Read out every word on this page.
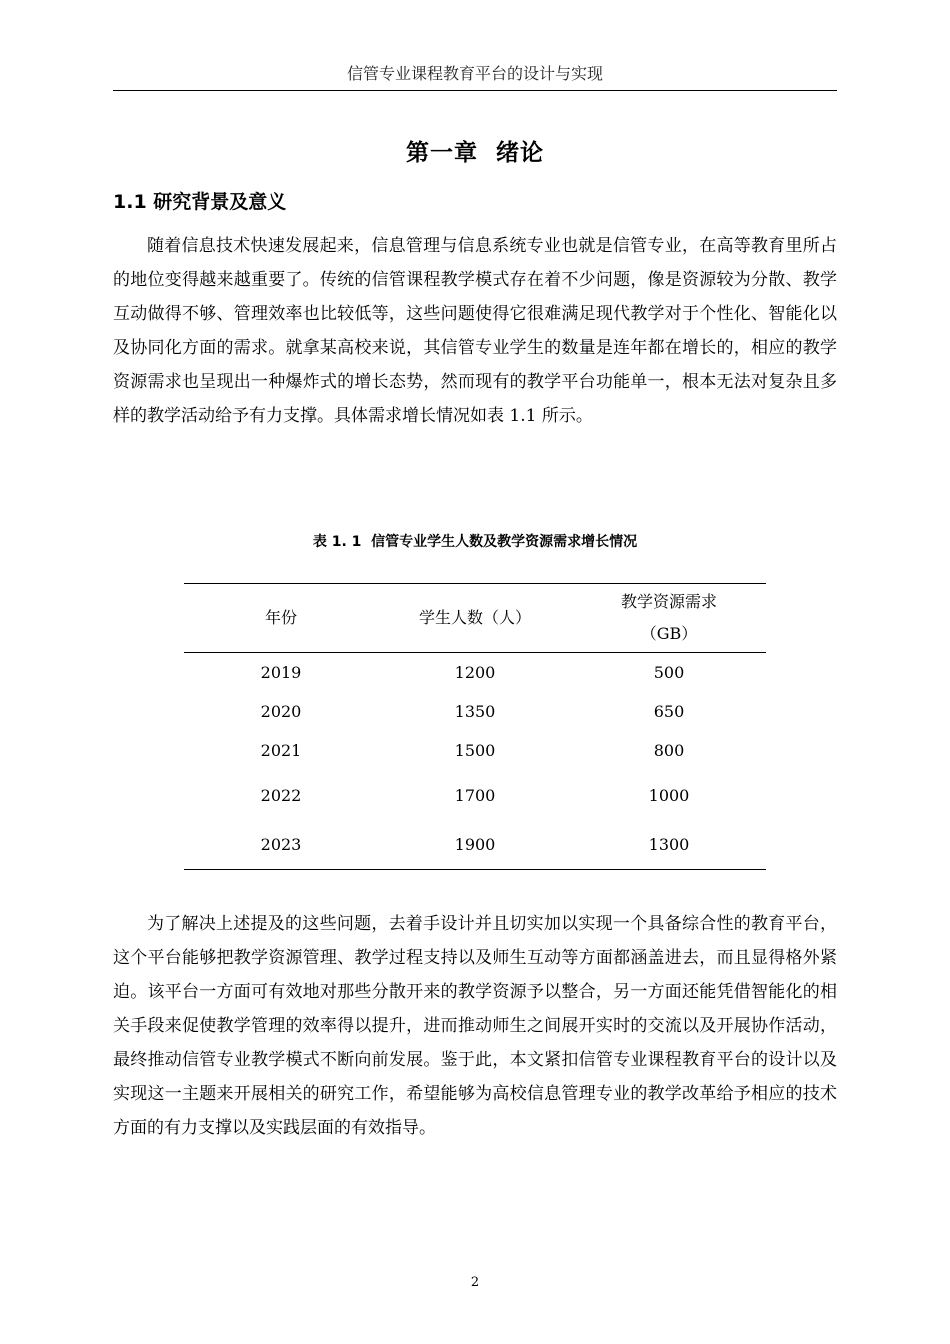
信管专业课程教育平台的设计与实现
第一章  绪论
1.1 研究背景及意义

随着信息技术快速发展起来，信息管理与信息系统专业也就是信管专业，在高等教育里所占的地位变得越来越重要了。传统的信管课程教学模式存在着不少问题，像是资源较为分散、教学互动做得不够、管理效率也比较低等，这些问题使得它很难满足现代教学对于个性化、智能化以及协同化方面的需求。就拿某高校来说，其信管专业学生的数量是连年都在增长的，相应的教学资源需求也呈现出一种爆炸式的增长态势，然而现有的教学平台功能单一，根本无法对复杂且多样的教学活动给予有力支撑。具体需求增长情况如表 1.1 所示。

表 1. 1  信管专业学生人数及教学资源需求增长情况
年份	学生人数（人）	教学资源需求
（GB）

2019	1200	500
2020	1350	650
2021	1500	800
2022	1700	1000
2023	1900	1300

为了解决上述提及的这些问题，去着手设计并且切实加以实现一个具备综合性的教育平台，这个平台能够把教学资源管理、教学过程支持以及师生互动等方面都涵盖进去，而且显得格外紧迫。该平台一方面可有效地对那些分散开来的教学资源予以整合，另一方面还能凭借智能化的相关手段来促使教学管理的效率得以提升，进而推动师生之间展开实时的交流以及开展协作活动，最终推动信管专业教学模式不断向前发展。鉴于此，本文紧扣信管专业课程教育平台的设计以及实现这一主题来开展相关的研究工作，希望能够为高校信息管理专业的教学改革给予相应的技术方面的有力支撑以及实践层面的有效指导。

2
